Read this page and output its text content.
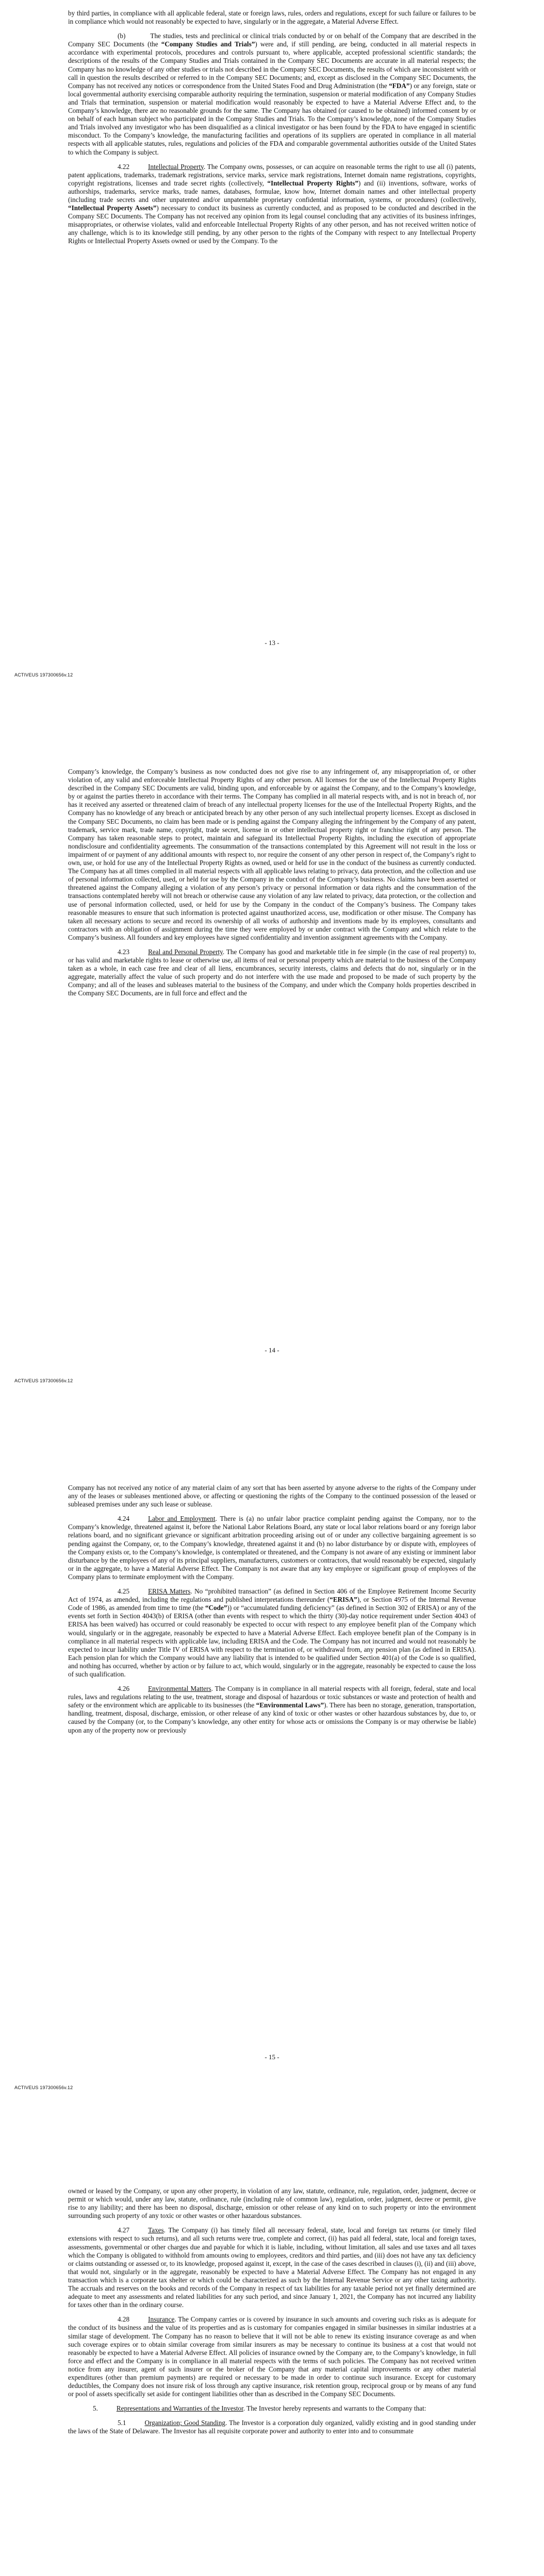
by third parties, in compliance with all applicable federal, state or foreign laws, rules, orders and regulations, except for such failure or failures to be in compliance which would not reasonably be expected to have, singularly or in the aggregate, a Material Adverse Effect.

(b)	The studies, tests and preclinical or clinical trials conducted by or on behalf of the Company that are described in the Company SEC Documents (the “Company Studies and Trials”) were and, if still pending, are being, conducted in all material respects in accordance with experimental protocols, procedures and controls pursuant to, where applicable, accepted professional scientific standards; the descriptions of the results of the Company Studies and Trials contained in the Company SEC Documents are accurate in all material respects; the Company has no knowledge of any other studies or trials not described in the Company SEC Documents, the results of which are inconsistent with or call in question the results described or referred to in the Company SEC Documents; and, except as disclosed in the Company SEC Documents, the Company has not received any notices or correspondence from the United States Food and Drug Administration (the “FDA”) or any foreign, state or local governmental authority exercising comparable authority requiring the termination, suspension or material modification of any Company Studies and Trials that termination, suspension or material modification would reasonably be expected to have a Material Adverse Effect and, to the Company’s knowledge, there are no reasonable grounds for the same. The Company has obtained (or caused to be obtained) informed consent by or on behalf of each human subject who participated in the Company Studies and Trials. To the Company’s knowledge, none of the Company Studies and Trials involved any investigator who has been disqualified as a clinical investigator or has been found by the FDA to have engaged in scientific misconduct. To the Company’s knowledge, the manufacturing facilities and operations of its suppliers are operated in compliance in all material respects with all applicable statutes, rules, regulations and policies of the FDA and comparable governmental authorities outside of the United States to which the Company is subject.

4.22	Intellectual Property. The Company owns, possesses, or can acquire on reasonable terms the right to use all (i) patents, patent applications, trademarks, trademark registrations, service marks, service mark registrations, Internet domain name registrations, copyrights, copyright registrations, licenses and trade secret rights (collectively, “Intellectual Property Rights”) and (ii) inventions, software, works of authorships, trademarks, service marks, trade names, databases, formulae, know how, Internet domain names and other intellectual property (including trade secrets and other unpatented and/or unpatentable proprietary confidential information, systems, or procedures) (collectively, “Intellectual Property Assets”) necessary to conduct its business as currently conducted, and as proposed to be conducted and described in the Company SEC Documents. The Company has not received any opinion from its legal counsel concluding that any activities of its business infringes, misappropriates, or otherwise violates, valid and enforceable Intellectual Property Rights of any other person, and has not received written notice of any challenge, which is to its knowledge still pending, by any other person to the rights of the Company with respect to any Intellectual Property Rights or Intellectual Property Assets owned or used by the Company. To the

- 13 -
ACTIVEUS 197300656v.12

Company’s knowledge, the Company’s business as now conducted does not give rise to any infringement of, any misappropriation of, or other violation of, any valid and enforceable Intellectual Property Rights of any other person. All licenses for the use of the Intellectual Property Rights described in the Company SEC Documents are valid, binding upon, and enforceable by or against the Company, and to the Company’s knowledge, by or against the parties thereto in accordance with their terms. The Company has complied in all material respects with, and is not in breach of, nor has it received any asserted or threatened claim of breach of any intellectual property licenses for the use of the Intellectual Property Rights, and the Company has no knowledge of any breach or anticipated breach by any other person of any such intellectual property licenses. Except as disclosed in the Company SEC Documents, no claim has been made or is pending against the Company alleging the infringement by the Company of any patent, trademark, service mark, trade name, copyright, trade secret, license in or other intellectual property right or franchise right of any person. The Company has taken reasonable steps to protect, maintain and safeguard its Intellectual Property Rights, including the execution of appropriate nondisclosure and confidentiality agreements. The consummation of the transactions contemplated by this Agreement will not result in the loss or impairment of or payment of any additional amounts with respect to, nor require the consent of any other person in respect of, the Company’s right to own, use, or hold for use any of the Intellectual Property Rights as owned, used or held for use in the conduct of the business as currently conducted. The Company has at all times complied in all material respects with all applicable laws relating to privacy, data protection, and the collection and use of personal information collected, used, or held for use by the Company in the conduct of the Company’s business. No claims have been asserted or threatened against the Company alleging a violation of any person’s privacy or personal information or data rights and the consummation of the transactions contemplated hereby will not breach or otherwise cause any violation of any law related to privacy, data protection, or the collection and use of personal information collected, used, or held for use by the Company in the conduct of the Company’s business. The Company takes reasonable measures to ensure that such information is protected against unauthorized access, use, modification or other misuse. The Company has taken all necessary actions to secure and record its ownership of all works of authorship and inventions made by its employees, consultants and contractors with an obligation of assignment during the time they were employed by or under contract with the Company and which relate to the Company’s business. All founders and key employees have signed confidentiality and invention assignment agreements with the Company.

4.23	Real and Personal Property. The Company has good and marketable title in fee simple (in the case of real property) to, or has valid and marketable rights to lease or otherwise use, all items of real or personal property which are material to the business of the Company taken as a whole, in each case free and clear of all liens, encumbrances, security interests, claims and defects that do not, singularly or in the aggregate, materially affect the value of such property and do not interfere with the use made and proposed to be made of such property by the Company; and all of the leases and subleases material to the business of the Company, and under which the Company holds properties described in the Company SEC Documents, are in full force and effect and the

- 14 -
ACTIVEUS 197300656v.12

Company has not received any notice of any material claim of any sort that has been asserted by anyone adverse to the rights of the Company under any of the leases or subleases mentioned above, or affecting or questioning the rights of the Company to the continued possession of the leased or subleased premises under any such lease or sublease.

4.24	Labor and Employment. There is (a) no unfair labor practice complaint pending against the Company, nor to the Company’s knowledge, threatened against it, before the National Labor Relations Board, any state or local labor relations board or any foreign labor relations board, and no significant grievance or significant arbitration proceeding arising out of or under any collective bargaining agreement is so pending against the Company, or, to the Company’s knowledge, threatened against it and (b) no labor disturbance by or dispute with, employees of the Company exists or, to the Company’s knowledge, is contemplated or threatened, and the Company is not aware of any existing or imminent labor disturbance by the employees of any of its principal suppliers, manufacturers, customers or contractors, that would reasonably be expected, singularly or in the aggregate, to have a Material Adverse Effect. The Company is not aware that any key employee or significant group of employees of the Company plans to terminate employment with the Company.

4.25	ERISA Matters. No “prohibited transaction” (as defined in Section 406 of the Employee Retirement Income Security Act of 1974, as amended, including the regulations and published interpretations thereunder (“ERISA”), or Section 4975 of the Internal Revenue Code of 1986, as amended from time to time (the “Code”)) or “accumulated funding deficiency” (as defined in Section 302 of ERISA) or any of the events set forth in Section 4043(b) of ERISA (other than events with respect to which the thirty (30)-day notice requirement under Section 4043 of ERISA has been waived) has occurred or could reasonably be expected to occur with respect to any employee benefit plan of the Company which would, singularly or in the aggregate, reasonably be expected to have a Material Adverse Effect. Each employee benefit plan of the Company is in compliance in all material respects with applicable law, including ERISA and the Code. The Company has not incurred and would not reasonably be expected to incur liability under Title IV of ERISA with respect to the termination of, or withdrawal from, any pension plan (as defined in ERISA). Each pension plan for which the Company would have any liability that is intended to be qualified under Section 401(a) of the Code is so qualified, and nothing has occurred, whether by action or by failure to act, which would, singularly or in the aggregate, reasonably be expected to cause the loss of such qualification.

4.26	Environmental Matters. The Company is in compliance in all material respects with all foreign, federal, state and local rules, laws and regulations relating to the use, treatment, storage and disposal of hazardous or toxic substances or waste and protection of health and safety or the environment which are applicable to its businesses (the “Environmental Laws”). There has been no storage, generation, transportation, handling, treatment, disposal, discharge, emission, or other release of any kind of toxic or other wastes or other hazardous substances by, due to, or caused by the Company (or, to the Company’s knowledge, any other entity for whose acts or omissions the Company is or may otherwise be liable) upon any of the property now or previously

- 15 -
ACTIVEUS 197300656v.12

owned or leased by the Company, or upon any other property, in violation of any law, statute, ordinance, rule, regulation, order, judgment, decree or permit or which would, under any law, statute, ordinance, rule (including rule of common law), regulation, order, judgment, decree or permit, give rise to any liability; and there has been no disposal, discharge, emission or other release of any kind on to such property or into the environment surrounding such property of any toxic or other wastes or other hazardous substances.

4.27	Taxes. The Company (i) has timely filed all necessary federal, state, local and foreign tax returns (or timely filed extensions with respect to such returns), and all such returns were true, complete and correct, (ii) has paid all federal, state, local and foreign taxes, assessments, governmental or other charges due and payable for which it is liable, including, without limitation, all sales and use taxes and all taxes which the Company is obligated to withhold from amounts owing to employees, creditors and third parties, and (iii) does not have any tax deficiency or claims outstanding or assessed or, to its knowledge, proposed against it, except, in the case of the cases described in clauses (i), (ii) and (iii) above, that would not, singularly or in the aggregate, reasonably be expected to have a Material Adverse Effect. The Company has not engaged in any transaction which is a corporate tax shelter or which could be characterized as such by the Internal Revenue Service or any other taxing authority. The accruals and reserves on the books and records of the Company in respect of tax liabilities for any taxable period not yet finally determined are adequate to meet any assessments and related liabilities for any such period, and since January 1, 2021, the Company has not incurred any liability for taxes other than in the ordinary course.

4.28	Insurance. The Company carries or is covered by insurance in such amounts and covering such risks as is adequate for the conduct of its business and the value of its properties and as is customary for companies engaged in similar businesses in similar industries at a similar stage of development. The Company has no reason to believe that it will not be able to renew its existing insurance coverage as and when such coverage expires or to obtain similar coverage from similar insurers as may be necessary to continue its business at a cost that would not reasonably be expected to have a Material Adverse Effect. All policies of insurance owned by the Company are, to the Company’s knowledge, in full force and effect and the Company is in compliance in all material respects with the terms of such policies. The Company has not received written notice from any insurer, agent of such insurer or the broker of the Company that any material capital improvements or any other material expenditures (other than premium payments) are required or necessary to be made in order to continue such insurance. Except for customary deductibles, the Company does not insure risk of loss through any captive insurance, risk retention group, reciprocal group or by means of any fund or pool of assets specifically set aside for contingent liabilities other than as described in the Company SEC Documents.

5.	Representations and Warranties of the Investor. The Investor hereby represents and warrants to the Company that:

5.1	Organization; Good Standing. The Investor is a corporation duly organized, validly existing and in good standing under the laws of the State of Delaware. The Investor has all requisite corporate power and authority to enter into and to consummate
